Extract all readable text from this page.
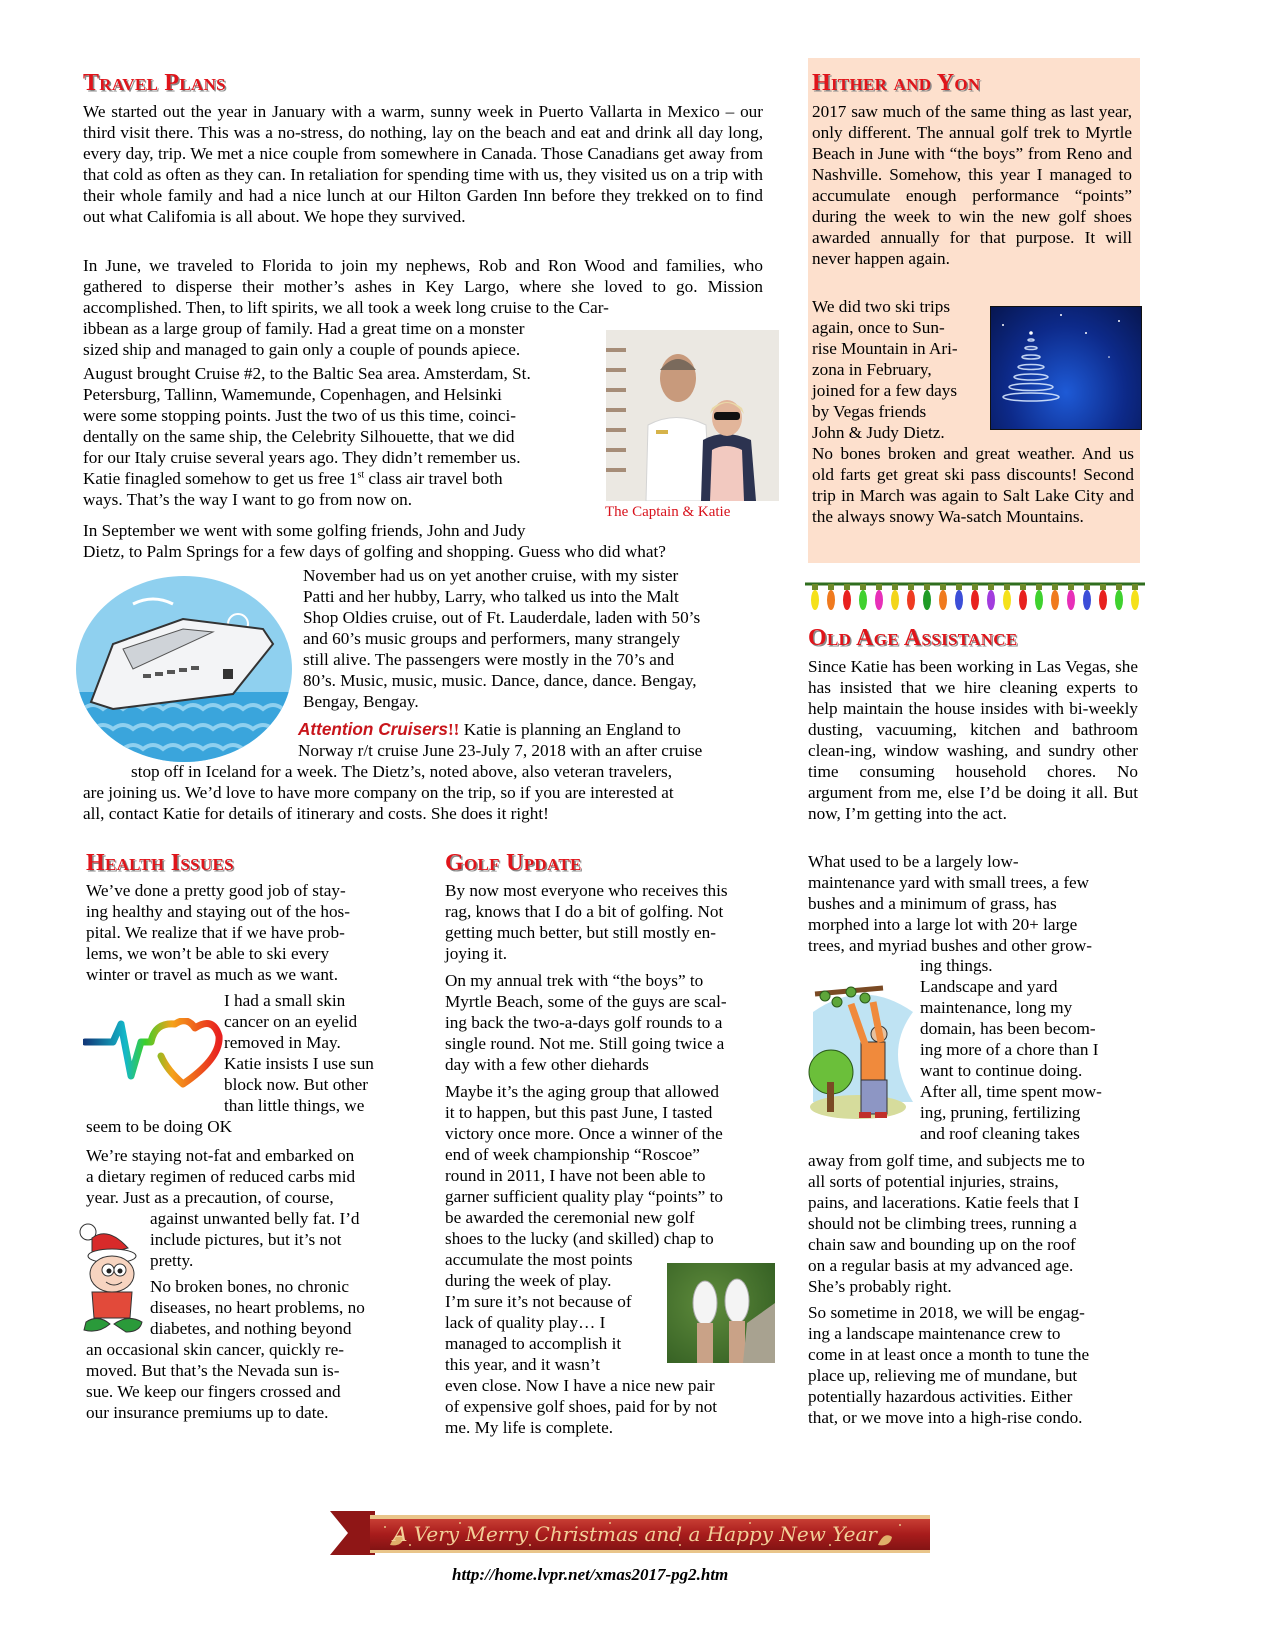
Travel Plans

We started out the year in January with a warm, sunny week in Puerto Vallarta in Mexico – our third visit there. This was a no-stress, do nothing, lay on the beach and eat and drink all day long, every day, trip. We met a nice couple from somewhere in Canada. Those Canadians get away from that cold as often as they can. In retaliation for spending time with us, they visited us on a trip with their whole family and had a nice lunch at our Hilton Garden Inn before they trekked on to find out what Califomia is all about. We hope they survived.

In June, we traveled to Florida to join my nephews, Rob and Ron Wood and families, who gathered to disperse their mother’s ashes in Key Largo, where she loved to go. Mission accomplished. Then, to lift spirits, we all took a week long cruise to the Car-

ibbean as a large group of family. Had a great time on a monster
sized ship and managed to gain only a couple of pounds apiece.

August brought Cruise #2, to the Baltic Sea area. Amsterdam, St.
Petersburg, Tallinn, Wamemunde, Copenhagen, and Helsinki
were some stopping points. Just the two of us this time, coinci-
dentally on the same ship, the Celebrity Silhouette, that we did
for our Italy cruise several years ago. They didn’t remember us.
Katie finagled somehow to get us free 1st class air travel both
ways. That’s the way I want to go from now on.

The Captain & Katie

In September we went with some golfing friends, John and Judy
Dietz, to Palm Springs for a few days of golfing and shopping. Guess who did what?

November had us on yet another cruise, with my sister
Patti and her hubby, Larry, who talked us into the Malt
Shop Oldies cruise, out of Ft. Lauderdale, laden with 50’s
and 60’s music groups and performers, many strangely
still alive. The passengers were mostly in the 70’s and
80’s. Music, music, music. Dance, dance, dance. Bengay,
Bengay, Bengay.

Attention Cruisers!! Katie is planning an England to

Norway r/t cruise June 23-July 7, 2018 with an after cruise

stop off in Iceland for a week. The Dietz’s, noted above, also veteran travelers,
are joining us. We’d love to have more company on the trip, so if you are interested at
all, contact Katie for details of itinerary and costs. She does it right!

Hither and Yon

2017 saw much of the same thing as last year, only different. The annual golf trek to Myrtle Beach in June with “the boys” from Reno and Nashville. Somehow, this year I managed to accumulate enough performance “points” during the week to win the new golf shoes awarded annually for that purpose. It will never happen again.

We did two ski trips
again, once to Sun-
rise Mountain in Ari-
zona in February,
joined for a few days
by Vegas friends
John & Judy Dietz.

No bones broken and great weather. And us old farts get great ski pass discounts! Second trip in March was again to Salt Lake City and the always snowy Wa-satch Mountains.

Old Age Assistance

Since Katie has been working in Las Vegas, she has insisted that we hire cleaning experts to help maintain the house insides with bi-weekly dusting, vacuuming, kitchen and bathroom clean-ing, window washing, and sundry other time consuming household chores. No argument from me, else I’d be doing it all. But now, I’m getting into the act.

What used to be a largely low-
maintenance yard with small trees, a few
bushes and a minimum of grass, has
morphed into a large lot with 20+ large
trees, and myriad bushes and other grow-

ing things.
Landscape and yard
maintenance, long my
domain, has been becom-
ing more of a chore than I
want to continue doing.
After all, time spent mow-
ing, pruning, fertilizing
and roof cleaning takes

away from golf time, and subjects me to
all sorts of potential injuries, strains,
pains, and lacerations. Katie feels that I
should not be climbing trees, running a
chain saw and bounding up on the roof
on a regular basis at my advanced age.
She’s probably right.

So sometime in 2018, we will be engag-
ing a landscape maintenance crew to
come in at least once a month to tune the
place up, relieving me of mundane, but
potentially hazardous activities. Either
that, or we move into a high-rise condo.

Health Issues

We’ve done a pretty good job of stay-
ing healthy and staying out of the hos-
pital. We realize that if we have prob-
lems, we won’t be able to ski every
winter or travel as much as we want.

I had a small skin
cancer on an eyelid
removed in May.
Katie insists I use sun
block now. But other
than little things, we

seem to be doing OK

We’re staying not-fat and embarked on
a dietary regimen of reduced carbs mid
year. Just as a precaution, of course,

against unwanted belly fat. I’d
include pictures, but it’s not
pretty.

No broken bones, no chronic
diseases, no heart problems, no
diabetes, and nothing beyond

an occasional skin cancer, quickly re-
moved. But that’s the Nevada sun is-
sue. We keep our fingers crossed and
our insurance premiums up to date.

Golf Update

By now most everyone who receives this
rag, knows that I do a bit of golfing. Not
getting much better, but still mostly en-
joying it.

On my annual trek with “the boys” to
Myrtle Beach, some of the guys are scal-
ing back the two-a-days golf rounds to a
single round. Not me. Still going twice a
day with a few other diehards

Maybe it’s the aging group that allowed
it to happen, but this past June, I tasted
victory once more. Once a winner of the
end of week championship “Roscoe”
round in 2011, I have not been able to
garner sufficient quality play “points” to
be awarded the ceremonial new golf
shoes to the lucky (and skilled) chap to

accumulate the most points
during the week of play.
I’m sure it’s not because of
lack of quality play… I
managed to accomplish it
this year, and it wasn’t

even close. Now I have a nice new pair
of expensive golf shoes, paid for by not
me. My life is complete.

A Very Merry Christmas and a Happy New Year
http://home.lvpr.net/xmas2017-pg2.htm
